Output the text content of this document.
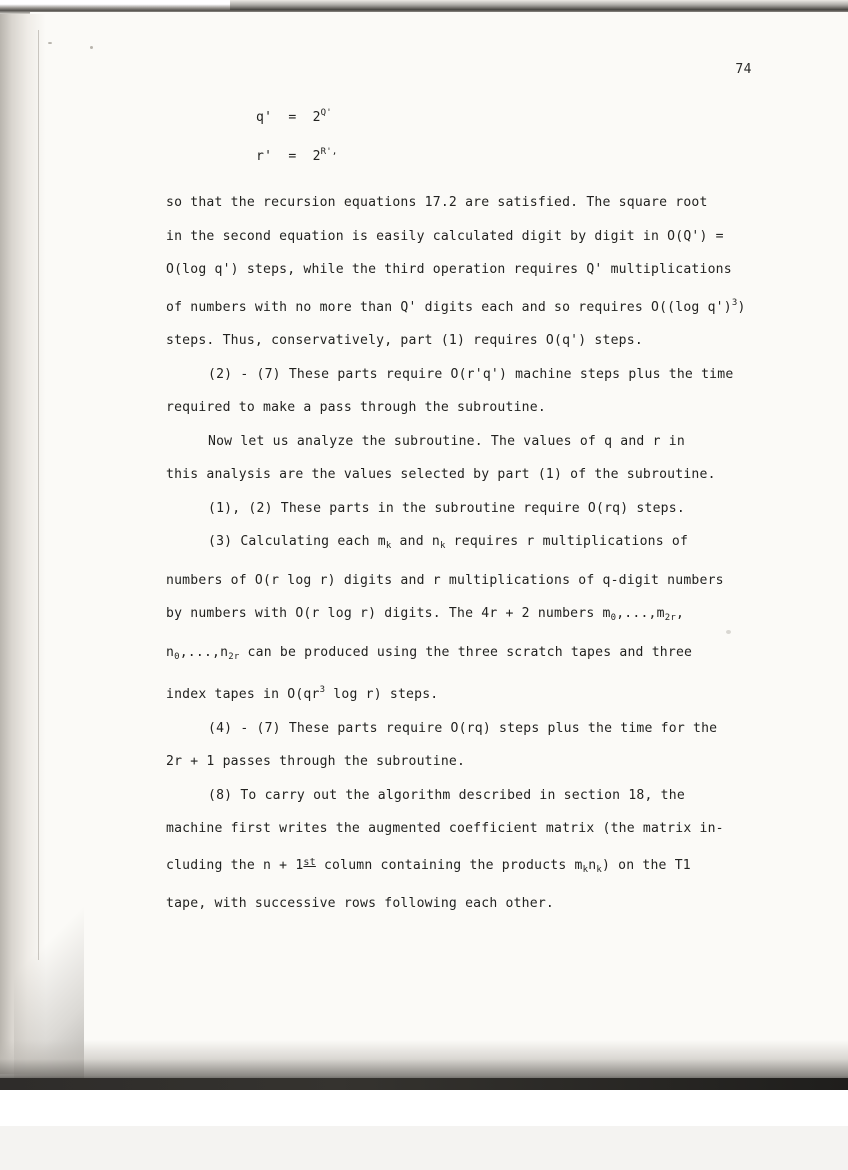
74
$q' = 2^{Q'}$
$r' = 2^{R',}$

so that the recursion equations 17.2 are satisfied. The square root
in the second equation is easily calculated digit by digit in O(Q') =
O(log q') steps, while the third operation requires Q' multiplications
of numbers with no more than Q' digits each and so requires O((log q')$^3$)
steps. Thus, conservatively, part (1) requires O(q') steps.

(2) - (7) These parts require O(r'q') machine steps plus the time
required to make a pass through the subroutine.

Now let us analyze the subroutine. The values of q and r in
this analysis are the values selected by part (1) of the subroutine.

(1), (2) These parts in the subroutine require O(rq) steps.

(3) Calculating each $m_k$ and $n_k$ requires r multiplications of
numbers of O(r log r) digits and r multiplications of q-digit numbers
by numbers with O(r log r) digits. The 4r + 2 numbers $m_0,...,m_{2r}$,
$n_0,...,n_{2r}$ can be produced using the three scratch tapes and three
index tapes in $O(qr^3$ log r) steps.

(4) - (7) These parts require O(rq) steps plus the time for the
2r + 1 passes through the subroutine.

(8) To carry out the algorithm described in section 18, the
machine first writes the augmented coefficient matrix (the matrix in-
cluding the n + 1st column containing the products $m_kn_k$) on the T1
tape, with successive rows following each other.
